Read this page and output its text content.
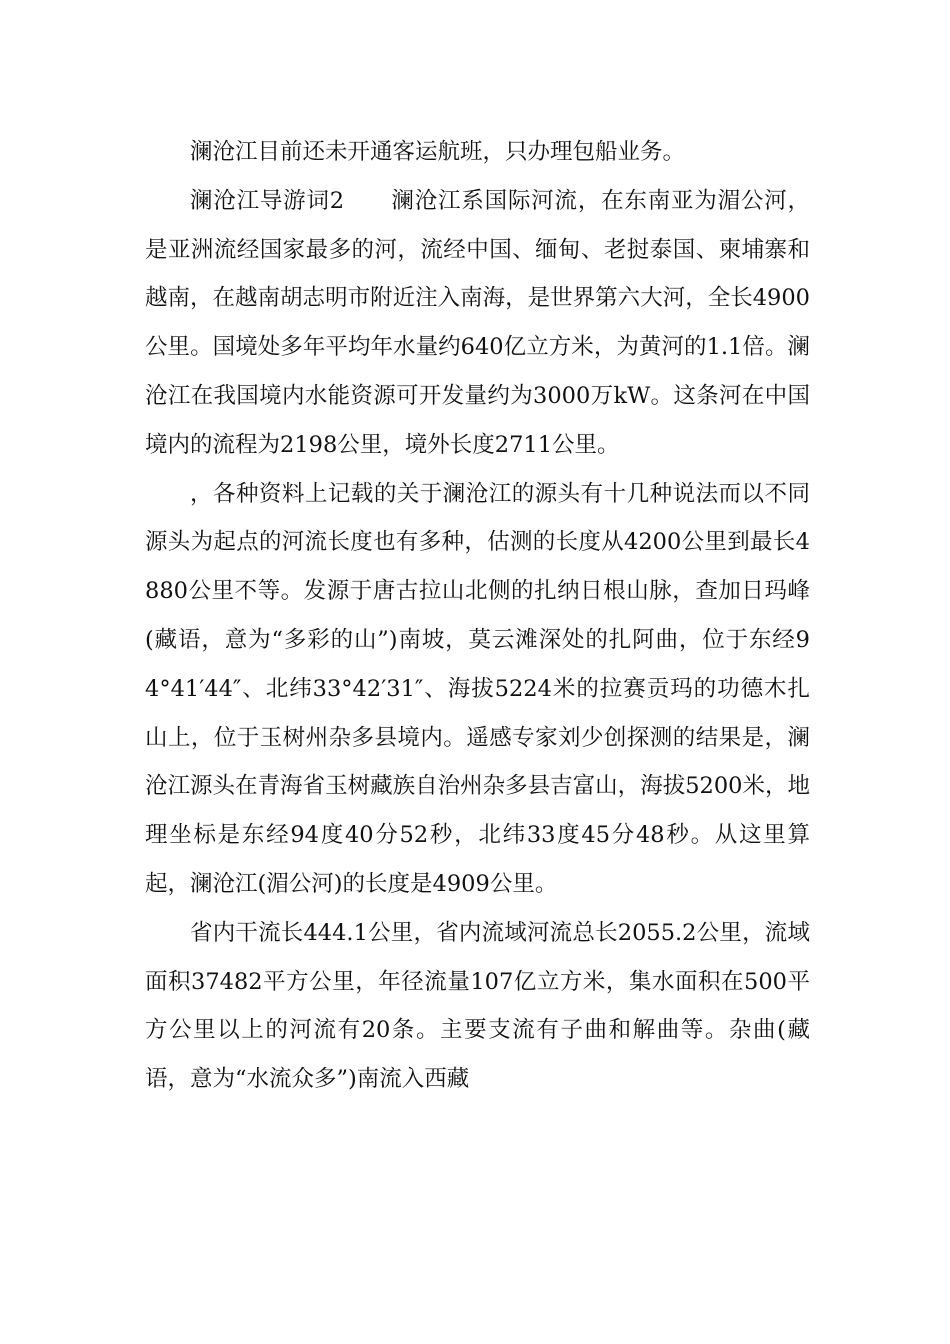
澜沧江目前还未开通客运航班，只办理包船业务。

澜沧江导游词2　　澜沧江系国际河流，在东南亚为湄公河，是亚洲流经国家最多的河，流经中国、缅甸、老挝泰国、柬埔寨和越南，在越南胡志明市附近注入南海，是世界第六大河，全长4900公里。国境处多年平均年水量约640亿立方米，为黄河的1.1倍。澜沧江在我国境内水能资源可开发量约为3000万kW。这条河在中国境内的流程为2198公里，境外长度2711公里。

，各种资料上记载的关于澜沧江的源头有十几种说法而以不同源头为起点的河流长度也有多种，估测的长度从4200公里到最长4880公里不等。发源于唐古拉山北侧的扎纳日根山脉，查加日玛峰(藏语，意为“多彩的山”)南坡，莫云滩深处的扎阿曲，位于东经94°41′44″、北纬33°42′31″、海拔5224米的拉赛贡玛的功德木扎山上，位于玉树州杂多县境内。遥感专家刘少创探测的结果是，澜沧江源头在青海省玉树藏族自治州杂多县吉富山，海拔5200米，地理坐标是东经94度40分52秒，北纬33度45分48秒。从这里算起，澜沧江(湄公河)的长度是4909公里。

省内干流长444.1公里，省内流域河流总长2055.2公里，流域面积37482平方公里，年径流量107亿立方米，集水面积在500平方公里以上的河流有20条。主要支流有子曲和解曲等。杂曲(藏语，意为“水流众多”)南流入西藏
